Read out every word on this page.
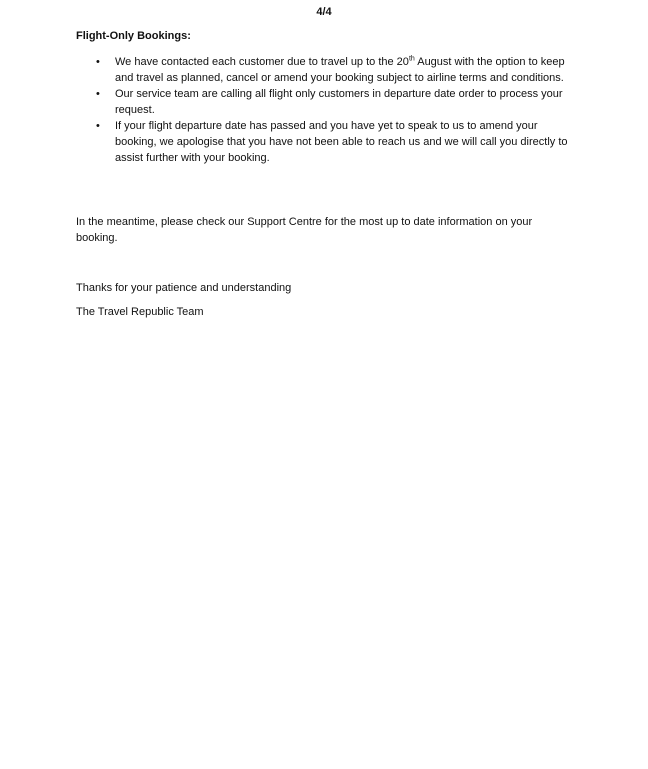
4/4
Flight-Only Bookings:
• We have contacted each customer due to travel up to the 20th August with the option to keep and travel as planned, cancel or amend your booking subject to airline terms and conditions.
• Our service team are calling all flight only customers in departure date order to process your request.
• If your flight departure date has passed and you have yet to speak to us to amend your booking, we apologise that you have not been able to reach us and we will call you directly to assist further with your booking.
In the meantime, please check our Support Centre for the most up to date information on your booking.
Thanks for your patience and understanding
The Travel Republic Team
